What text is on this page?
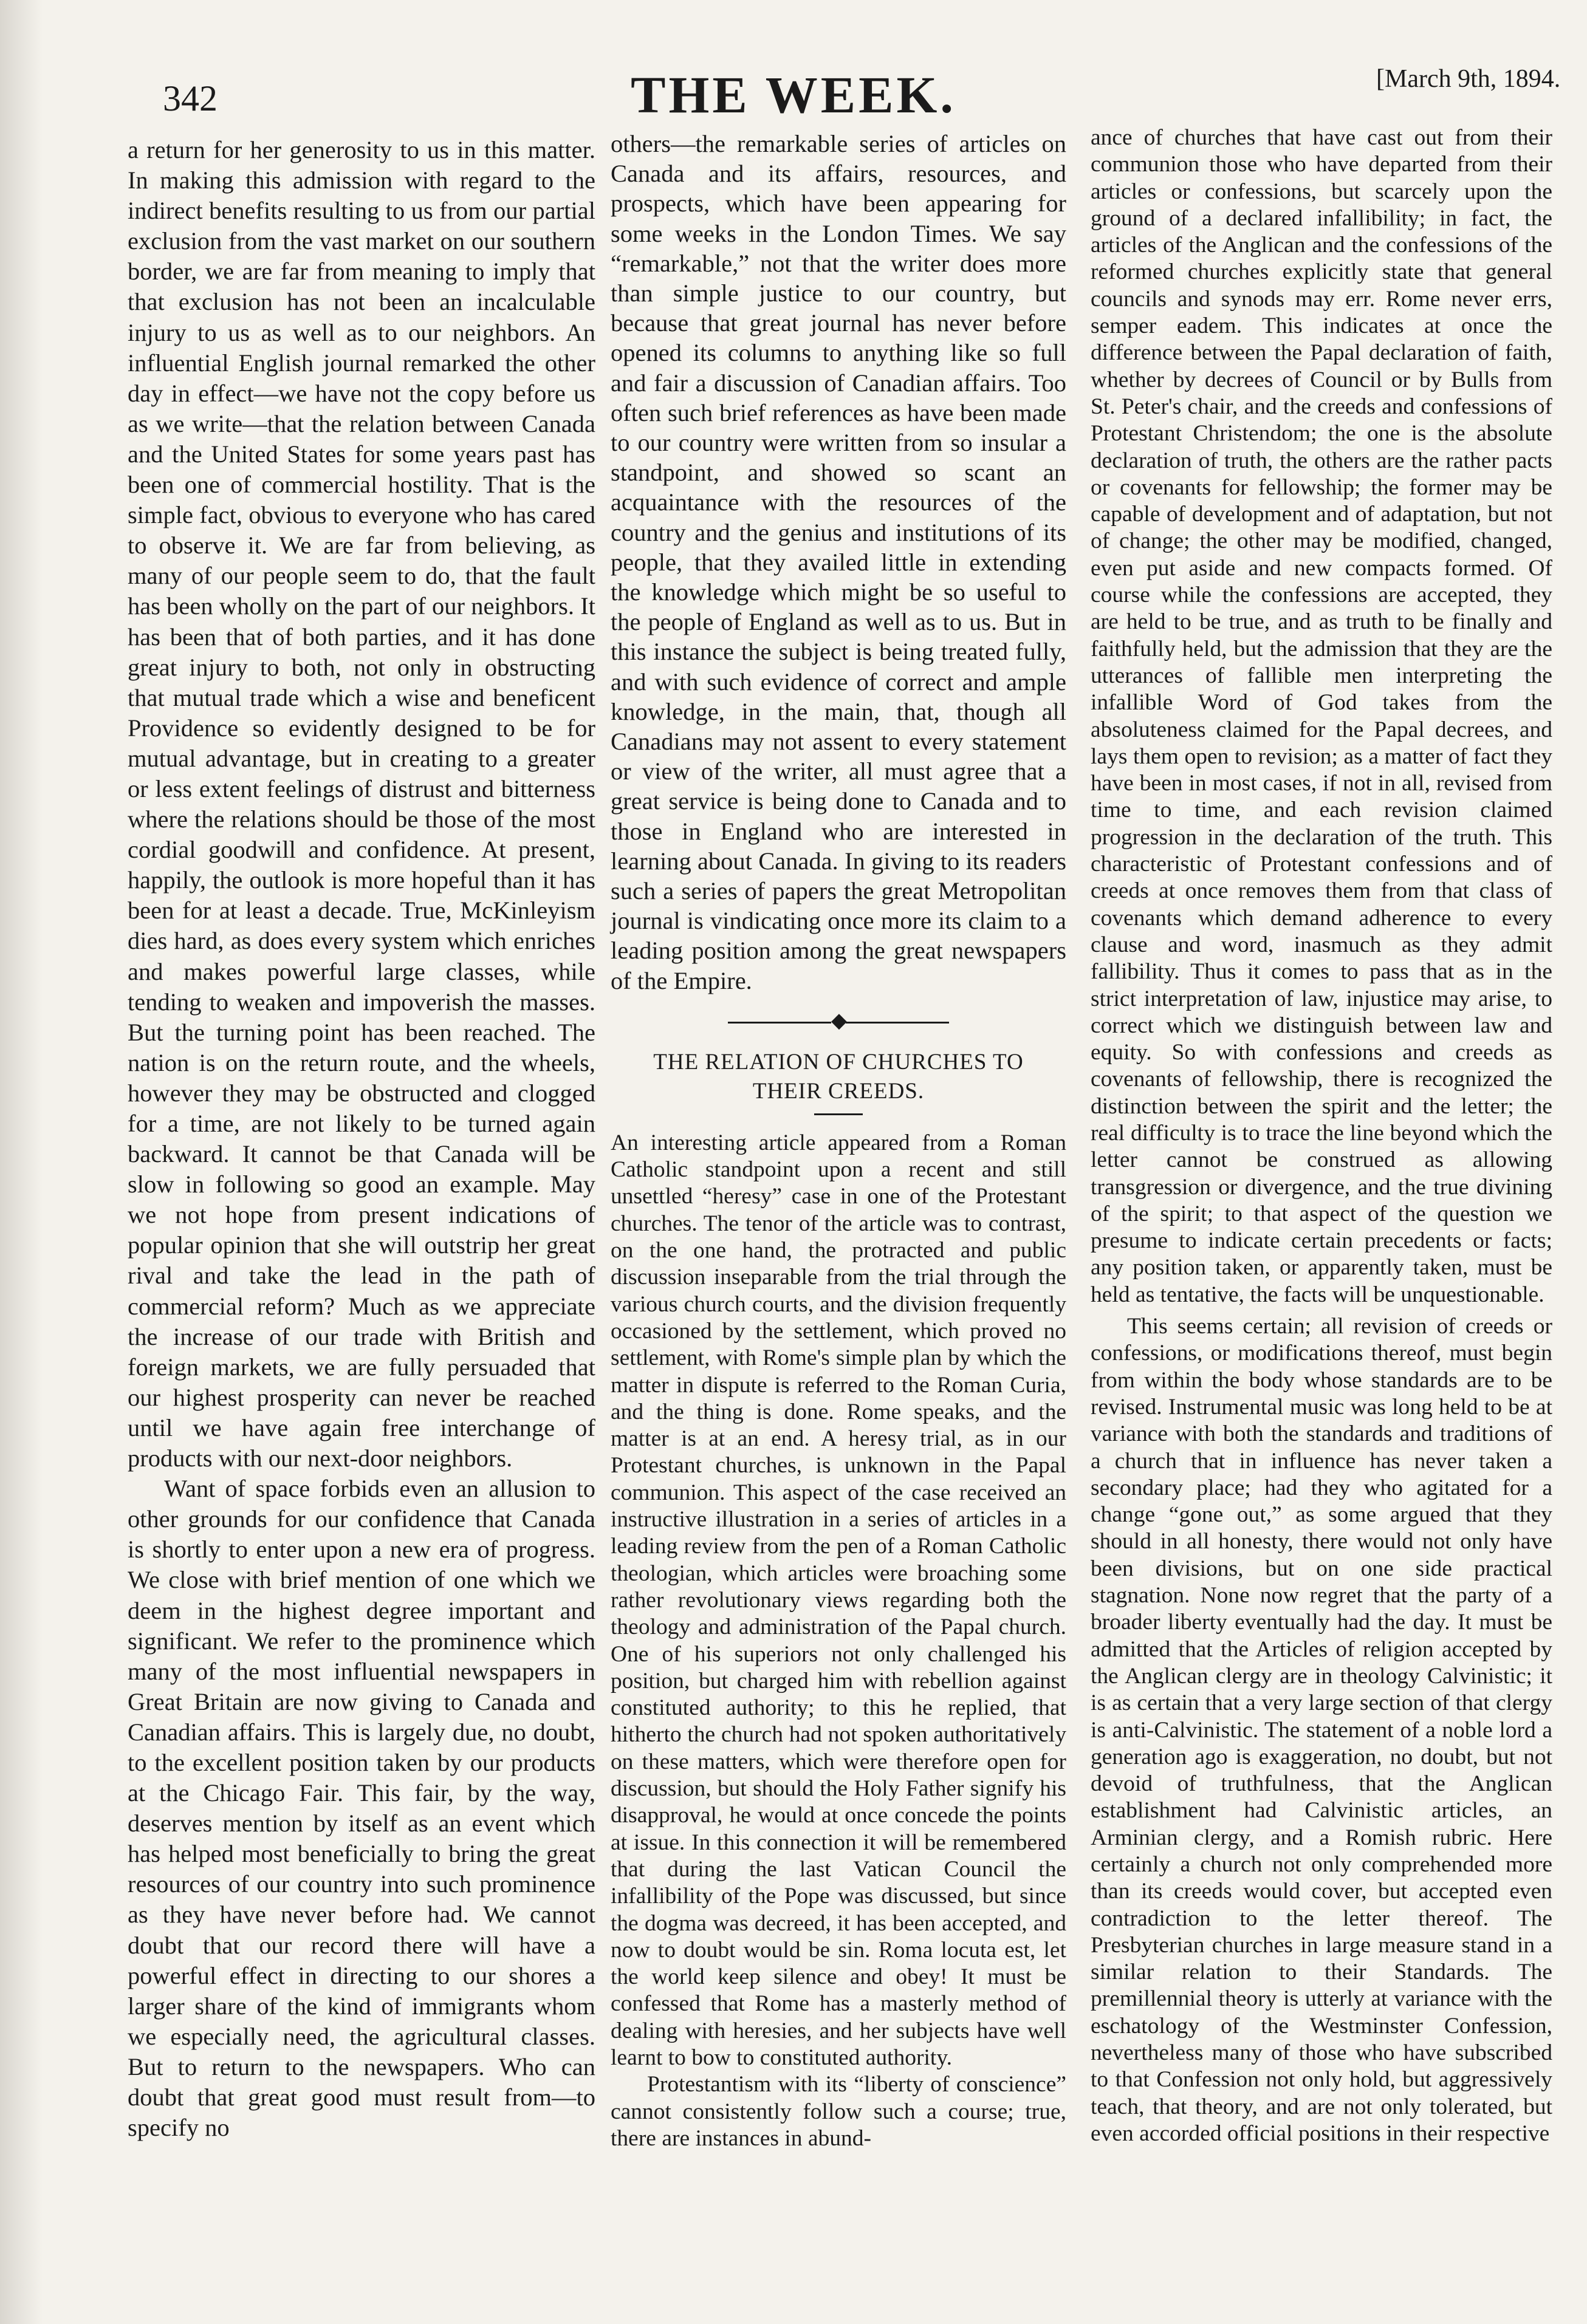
342	THE WEEK.	[March 9th, 1894.

a return for her generosity to us in this matter. In making this admission with regard to the indirect benefits resulting to us from our partial exclusion from the vast market on our southern border, we are far from meaning to imply that that exclusion has not been an incalculable injury to us as well as to our neighbors. An influential English journal remarked the other day in effect—we have not the copy before us as we write—that the relation between Canada and the United States for some years past has been one of commercial hostility. That is the simple fact, obvious to everyone who has cared to observe it. We are far from believing, as many of our people seem to do, that the fault has been wholly on the part of our neighbors. It has been that of both parties, and it has done great injury to both, not only in obstructing that mutual trade which a wise and beneficent Providence so evidently designed to be for mutual advantage, but in creating to a greater or less extent feelings of distrust and bitterness where the relations should be those of the most cordial goodwill and confidence. At present, happily, the outlook is more hopeful than it has been for at least a decade. True, McKinleyism dies hard, as does every system which enriches and makes powerful large classes, while tending to weaken and impoverish the masses. But the turning point has been reached. The nation is on the return route, and the wheels, however they may be obstructed and clogged for a time, are not likely to be turned again backward. It cannot be that Canada will be slow in following so good an example. May we not hope from present indications of popular opinion that she will outstrip her great rival and take the lead in the path of commercial reform? Much as we appreciate the increase of our trade with British and foreign markets, we are fully persuaded that our highest prosperity can never be reached until we have again free interchange of products with our next-door neighbors.

Want of space forbids even an allusion to other grounds for our confidence that Canada is shortly to enter upon a new era of progress. We close with brief mention of one which we deem in the highest degree important and significant. We refer to the prominence which many of the most influential newspapers in Great Britain are now giving to Canada and Canadian affairs. This is largely due, no doubt, to the excellent position taken by our products at the Chicago Fair. This fair, by the way, deserves mention by itself as an event which has helped most beneficially to bring the great resources of our country into such prominence as they have never before had. We cannot doubt that our record there will have a powerful effect in directing to our shores a larger share of the kind of immigrants whom we especially need, the agricultural classes. But to return to the newspapers. Who can doubt that great good must result from—to specify no

others—the remarkable series of articles on Canada and its affairs, resources, and prospects, which have been appearing for some weeks in the London Times. We say “remarkable,” not that the writer does more than simple justice to our country, but because that great journal has never before opened its columns to anything like so full and fair a discussion of Canadian affairs. Too often such brief references as have been made to our country were written from so insular a standpoint, and showed so scant an acquaintance with the resources of the country and the genius and institutions of its people, that they availed little in extending the knowledge which might be so useful to the people of England as well as to us. But in this instance the subject is being treated fully, and with such evidence of correct and ample knowledge, in the main, that, though all Canadians may not assent to every statement or view of the writer, all must agree that a great service is being done to Canada and to those in England who are interested in learning about Canada. In giving to its readers such a series of papers the great Metropolitan journal is vindicating once more its claim to a leading position among the great newspapers of the Empire.

◆
THE RELATION OF CHURCHES TO
THEIR CREEDS.

An interesting article appeared from a Roman Catholic standpoint upon a recent and still unsettled “heresy” case in one of the Protestant churches. The tenor of the article was to contrast, on the one hand, the protracted and public discussion inseparable from the trial through the various church courts, and the division frequently occasioned by the settlement, which proved no settlement, with Rome's simple plan by which the matter in dispute is referred to the Roman Curia, and the thing is done. Rome speaks, and the matter is at an end. A heresy trial, as in our Protestant churches, is unknown in the Papal communion. This aspect of the case received an instructive illustration in a series of articles in a leading review from the pen of a Roman Catholic theologian, which articles were broaching some rather revolutionary views regarding both the theology and administration of the Papal church. One of his superiors not only challenged his position, but charged him with rebellion against constituted authority; to this he replied, that hitherto the church had not spoken authoritatively on these matters, which were therefore open for discussion, but should the Holy Father signify his disapproval, he would at once concede the points at issue. In this connection it will be remembered that during the last Vatican Council the infallibility of the Pope was discussed, but since the dogma was decreed, it has been accepted, and now to doubt would be sin. Roma locuta est, let the world keep silence and obey! It must be confessed that Rome has a masterly method of dealing with heresies, and her subjects have well learnt to bow to constituted authority.

Protestantism with its “liberty of conscience” cannot consistently follow such a course; true, there are instances in abund-

ance of churches that have cast out from their communion those who have departed from their articles or confessions, but scarcely upon the ground of a declared infallibility; in fact, the articles of the Anglican and the confessions of the reformed churches explicitly state that general councils and synods may err. Rome never errs, semper eadem. This indicates at once the difference between the Papal declaration of faith, whether by decrees of Council or by Bulls from St. Peter's chair, and the creeds and confessions of Protestant Christendom; the one is the absolute declaration of truth, the others are the rather pacts or covenants for fellowship; the former may be capable of development and of adaptation, but not of change; the other may be modified, changed, even put aside and new compacts formed. Of course while the confessions are accepted, they are held to be true, and as truth to be finally and faithfully held, but the admission that they are the utterances of fallible men interpreting the infallible Word of God takes from the absoluteness claimed for the Papal decrees, and lays them open to revision; as a matter of fact they have been in most cases, if not in all, revised from time to time, and each revision claimed progression in the declaration of the truth. This characteristic of Protestant confessions and of creeds at once removes them from that class of covenants which demand adherence to every clause and word, inasmuch as they admit fallibility. Thus it comes to pass that as in the strict interpretation of law, injustice may arise, to correct which we distinguish between law and equity. So with confessions and creeds as covenants of fellowship, there is recognized the distinction between the spirit and the letter; the real difficulty is to trace the line beyond which the letter cannot be construed as allowing transgression or divergence, and the true divining of the spirit; to that aspect of the question we presume to indicate certain precedents or facts; any position taken, or apparently taken, must be held as tentative, the facts will be unquestionable.

This seems certain; all revision of creeds or confessions, or modifications thereof, must begin from within the body whose standards are to be revised. Instrumental music was long held to be at variance with both the standards and traditions of a church that in influence has never taken a secondary place; had they who agitated for a change “gone out,” as some argued that they should in all honesty, there would not only have been divisions, but on one side practical stagnation. None now regret that the party of a broader liberty eventually had the day. It must be admitted that the Articles of religion accepted by the Anglican clergy are in theology Calvinistic; it is as certain that a very large section of that clergy is anti-Calvinistic. The statement of a noble lord a generation ago is exaggeration, no doubt, but not devoid of truthfulness, that the Anglican establishment had Calvinistic articles, an Arminian clergy, and a Romish rubric. Here certainly a church not only comprehended more than its creeds would cover, but accepted even contradiction to the letter thereof. The Presbyterian churches in large measure stand in a similar relation to their Standards. The premillennial theory is utterly at variance with the eschatology of the Westminster Confession, nevertheless many of those who have subscribed to that Confession not only hold, but aggressively teach, that theory, and are not only tolerated, but even accorded official positions in their respective
